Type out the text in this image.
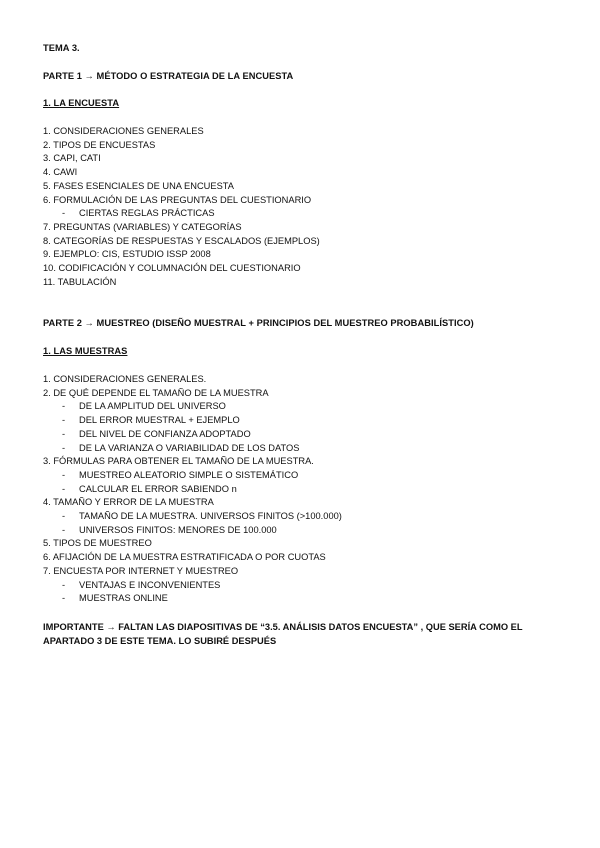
TEMA 3.
PARTE 1 → MÉTODO O ESTRATEGIA DE LA ENCUESTA
1. LA ENCUESTA
1. CONSIDERACIONES GENERALES
2. TIPOS DE ENCUESTAS
3. CAPI, CATI
4. CAWI
5. FASES ESENCIALES DE UNA ENCUESTA
6. FORMULACIÓN DE LAS PREGUNTAS DEL CUESTIONARIO
- CIERTAS REGLAS PRÁCTICAS
7. PREGUNTAS (VARIABLES) Y CATEGORÍAS
8. CATEGORÍAS DE RESPUESTAS Y ESCALADOS (EJEMPLOS)
9. EJEMPLO: CIS, ESTUDIO ISSP 2008
10. CODIFICACIÓN Y COLUMNACIÓN DEL CUESTIONARIO
11. TABULACIÓN
PARTE 2 → MUESTREO (DISEÑO MUESTRAL + PRINCIPIOS DEL MUESTREO PROBABILÍSTICO)
1. LAS MUESTRAS
1. CONSIDERACIONES GENERALES.
2. DE QUÉ DEPENDE EL TAMAÑO DE LA MUESTRA
- DE LA AMPLITUD DEL UNIVERSO
- DEL ERROR MUESTRAL + EJEMPLO
- DEL NIVEL DE CONFIANZA ADOPTADO
- DE LA VARIANZA O VARIABILIDAD DE LOS DATOS
3. FÓRMULAS PARA OBTENER EL TAMAÑO DE LA MUESTRA.
- MUESTREO ALEATORIO SIMPLE O SISTEMÁTICO
- CALCULAR EL ERROR SABIENDO n
4. TAMAÑO Y ERROR DE LA MUESTRA
- TAMAÑO DE LA MUESTRA. UNIVERSOS FINITOS (>100.000)
- UNIVERSOS FINITOS: MENORES DE 100.000
5. TIPOS DE MUESTREO
6. AFIJACIÓN DE LA MUESTRA ESTRATIFICADA O POR CUOTAS
7. ENCUESTA POR INTERNET Y MUESTREO
- VENTAJAS E INCONVENIENTES
- MUESTRAS ONLINE
IMPORTANTE → FALTAN LAS DIAPOSITIVAS DE “3.5. ANÁLISIS DATOS ENCUESTA” , QUE SERÍA COMO EL APARTADO 3 DE ESTE TEMA. LO SUBIRÉ DESPUÉS
